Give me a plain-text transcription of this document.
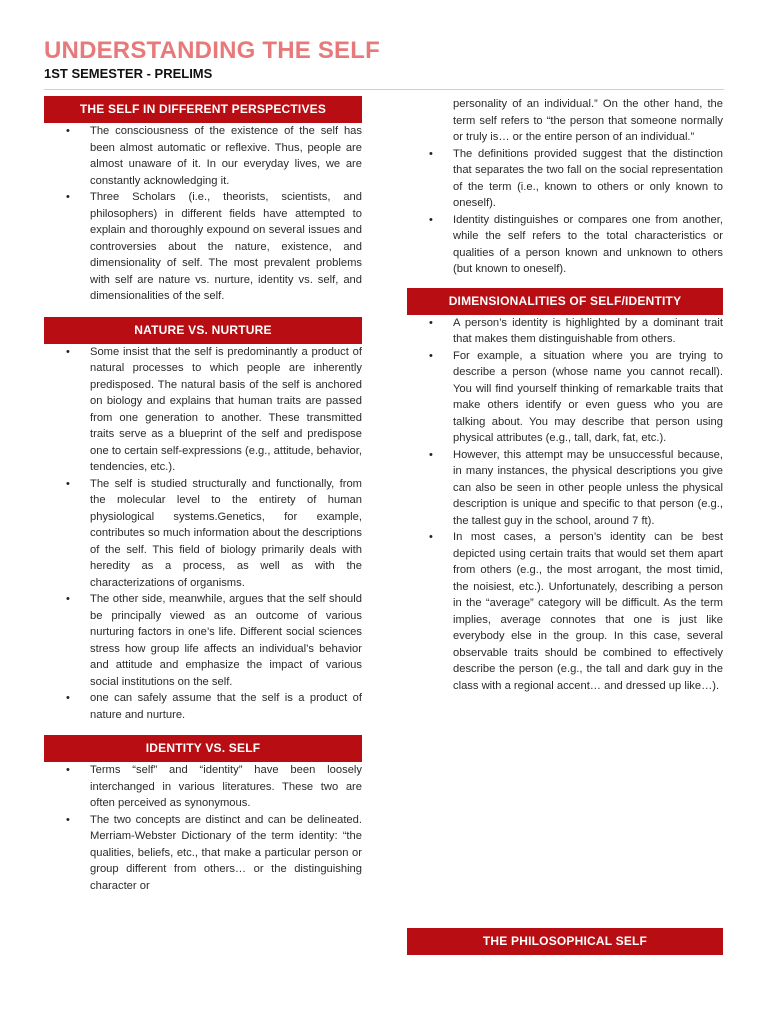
UNDERSTANDING THE SELF

1ST SEMESTER - PRELIMS

THE SELF IN DIFFERENT PERSPECTIVES
• The consciousness of the existence of the self has been almost automatic or reflexive. Thus, people are almost unaware of it. In our everyday lives, we are constantly acknowledging it.
• Three Scholars (i.e., theorists, scientists, and philosophers) in different fields have attempted to explain and thoroughly expound on several issues and controversies about the nature, existence, and dimensionality of self. The most prevalent problems with self are nature vs. nurture, identity vs. self, and dimensionalities of the self.
NATURE VS. NURTURE
• Some insist that the self is predominantly a product of natural processes to which people are inherently predisposed. The natural basis of the self is anchored on biology and explains that human traits are passed from one generation to another. These transmitted traits serve as a blueprint of the self and predispose one to certain self-expressions (e.g., attitude, behavior, tendencies, etc.).
• The self is studied structurally and functionally, from the molecular level to the entirety of human physiological systems.Genetics, for example, contributes so much information about the descriptions of the self. This field of biology primarily deals with heredity as a process, as well as with the characterizations of organisms.
• The other side, meanwhile, argues that the self should be principally viewed as an outcome of various nurturing factors in one’s life. Different social sciences stress how group life affects an individual’s behavior and attitude and emphasize the impact of various social institutions on the self.
• one can safely assume that the self is a product of nature and nurture.
IDENTITY VS. SELF
• Terms “self” and “identity” have been loosely interchanged in various literatures. These two are often perceived as synonymous.
• The two concepts are distinct and can be delineated. Merriam-Webster Dictionary of the term identity: “the qualities, beliefs, etc., that make a particular person or group different from others… or the distinguishing character or
personality of an individual.” On the other hand, the term self refers to “the person that someone normally or truly is… or the entire person of an individual.”
• The definitions provided suggest that the distinction that separates the two fall on the social representation of the term (i.e., known to others or only known to oneself).
• Identity distinguishes or compares one from another, while the self refers to the total characteristics or qualities of a person known and unknown to others (but known to oneself).
DIMENSIONALITIES OF SELF/IDENTITY
• A person’s identity is highlighted by a dominant trait that makes them distinguishable from others.
• For example, a situation where you are trying to describe a person (whose name you cannot recall). You will find yourself thinking of remarkable traits that make others identify or even guess who you are talking about. You may describe that person using physical attributes (e.g., tall, dark, fat, etc.).
• However, this attempt may be unsuccessful because, in many instances, the physical descriptions you give can also be seen in other people unless the physical description is unique and specific to that person (e.g., the tallest guy in the school, around 7 ft).
• In most cases, a person’s identity can be best depicted using certain traits that would set them apart from others (e.g., the most arrogant, the most timid, the noisiest, etc.). Unfortunately, describing a person in the “average” category will be difficult. As the term implies, average connotes that one is just like everybody else in the group. In this case, several observable traits should be combined to effectively describe the person (e.g., the tall and dark guy in the class with a regional accent… and dressed up like…).
THE PHILOSOPHICAL SELF
